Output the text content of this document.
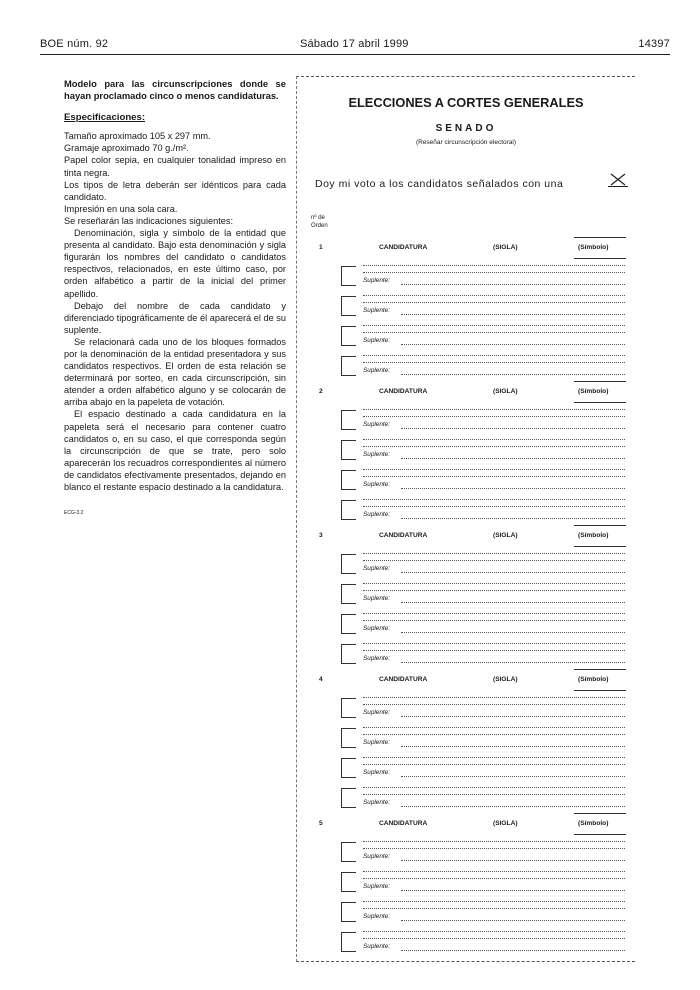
BOE núm. 92	Sábado 17 abril 1999	14397

Modelo para las circunscripciones donde se hayan proclamado cinco o menos candidaturas.

Especificaciones:

Tamaño aproximado 105 x 297 mm.

Gramaje aproximado 70 g./m².

Papel color sepia, en cualquier tonalidad impreso en tinta negra.

Los tipos de letra deberán ser idénticos para cada candidato.

Impresión en una sola cara.

Se reseñarán las indicaciones siguientes:

Denominación, sigla y símbolo de la entidad que presenta al candidato. Bajo esta denominación y sigla figurarán los nombres del candidato o candidatos respectivos, relacionados, en este último caso, por orden alfabético a partir de la inicial del primer apellido.

Debajo del nombre de cada candidato y diferenciado tipográficamente de él aparecerá el de su suplente.

Se relacionará cada uno de los bloques formados por la denominación de la entidad presentadora y sus candidatos respectivos. El orden de esta relación se determinará por sorteo, en cada circunscripción, sin atender a orden alfabético alguno y se colocarán de arriba abajo en la papeleta de votación.

El espacio destinado a cada candidatura en la papeleta será el necesario para contener cuatro candidatos o, en su caso, el que corresponda según la circunscripción de que se trate, pero solo aparecerán los recuadros correspondientes al número de candidatos efectivamente presentados, dejando en blanco el restante espacio destinado a la candidatura.

ECG-3.2
ELECCIONES A CORTES GENERALES
SENADO
(Reseñar circunscripción electoral)
Doy mi voto a los candidatos señalados con una
nº de
Orden
1	CANDIDATURA	(SIGLA)	(Símbolo)
Suplente:
Suplente:
Suplente:
Suplente:
2	CANDIDATURA	(SIGLA)	(Símbolo)
Suplente:
Suplente:
Suplente:
Suplente:
3	CANDIDATURA	(SIGLA)	(Símbolo)
Suplente:
Suplente:
Suplente:
Suplente:
4	CANDIDATURA	(SIGLA)	(Símbolo)
Suplente:
Suplente:
Suplente:
Suplente:
5	CANDIDATURA	(SIGLA)	(Símbolo)
Suplente:
Suplente:
Suplente:
Suplente:
